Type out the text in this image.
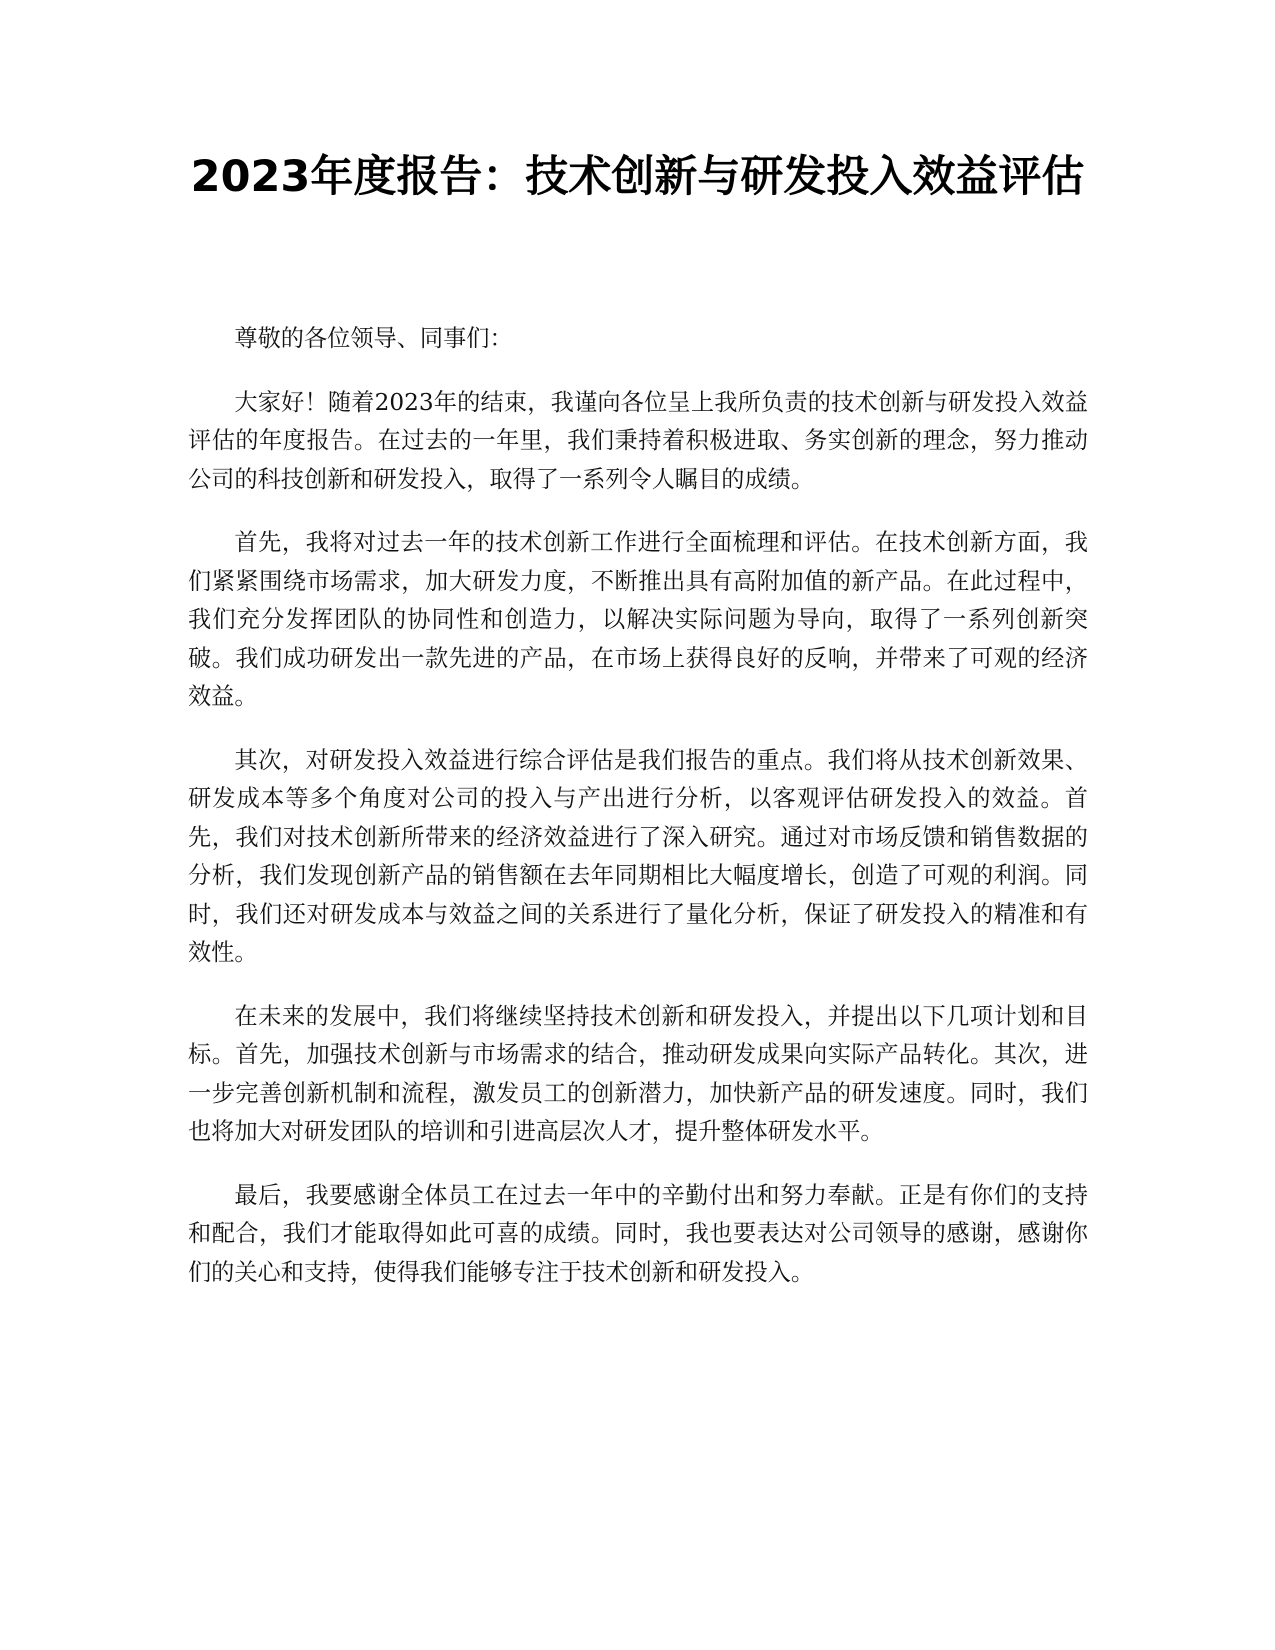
2023年度报告：技术创新与研发投入效益评估

尊敬的各位领导、同事们：

大家好！随着2023年的结束，我谨向各位呈上我所负责的技术创新与研发投入效益评估的年度报告。在过去的一年里，我们秉持着积极进取、务实创新的理念，努力推动公司的科技创新和研发投入，取得了一系列令人瞩目的成绩。

首先，我将对过去一年的技术创新工作进行全面梳理和评估。在技术创新方面，我们紧紧围绕市场需求，加大研发力度，不断推出具有高附加值的新产品。在此过程中，我们充分发挥团队的协同性和创造力，以解决实际问题为导向，取得了一系列创新突破。我们成功研发出一款先进的产品，在市场上获得良好的反响，并带来了可观的经济效益。

其次，对研发投入效益进行综合评估是我们报告的重点。我们将从技术创新效果、研发成本等多个角度对公司的投入与产出进行分析，以客观评估研发投入的效益。首先，我们对技术创新所带来的经济效益进行了深入研究。通过对市场反馈和销售数据的分析，我们发现创新产品的销售额在去年同期相比大幅度增长，创造了可观的利润。同时，我们还对研发成本与效益之间的关系进行了量化分析，保证了研发投入的精准和有效性。

在未来的发展中，我们将继续坚持技术创新和研发投入，并提出以下几项计划和目标。首先，加强技术创新与市场需求的结合，推动研发成果向实际产品转化。其次，进一步完善创新机制和流程，激发员工的创新潜力，加快新产品的研发速度。同时，我们也将加大对研发团队的培训和引进高层次人才，提升整体研发水平。

最后，我要感谢全体员工在过去一年中的辛勤付出和努力奉献。正是有你们的支持和配合，我们才能取得如此可喜的成绩。同时，我也要表达对公司领导的感谢，感谢你们的关心和支持，使得我们能够专注于技术创新和研发投入。
